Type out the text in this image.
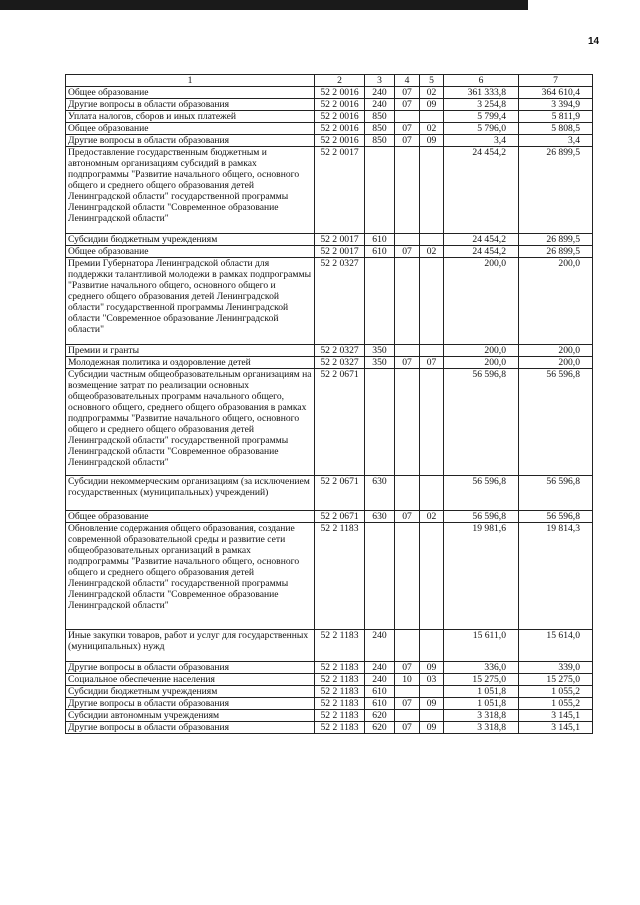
14
1	2	3	4	5	6	7
Общее образование	52 2 0016	240	07	02	361 333,8	364 610,4
Другие вопросы в области образования	52 2 0016	240	07	09	3 254,8	3 394,9
Уплата налогов, сборов и иных платежей	52 2 0016	850			5 799,4	5 811,9
Общее образование	52 2 0016	850	07	02	5 796,0	5 808,5
Другие вопросы в области образования	52 2 0016	850	07	09	3,4	3,4
Предоставление государственным бюджетным и автономным организациям субсидий в рамках подпрограммы "Развитие начального общего, основного общего и среднего общего образования детей Ленинградской области" государственной программы Ленинградской области "Современное образование Ленинградской области"	52 2 0017				24 454,2	26 899,5
Субсидии бюджетным учреждениям	52 2 0017	610			24 454,2	26 899,5
Общее образование	52 2 0017	610	07	02	24 454,2	26 899,5
Премии Губернатора Ленинградской области для поддержки талантливой молодежи в рамках подпрограммы "Развитие начального общего, основного общего и среднего общего образования детей Ленинградской области" государственной программы Ленинградской области "Современное образование Ленинградской области"	52 2 0327				200,0	200,0
Премии и гранты	52 2 0327	350			200,0	200,0
Молодежная политика и оздоровление детей	52 2 0327	350	07	07	200,0	200,0
Субсидии частным общеобразовательным организациям на возмещение затрат по реализации основных общеобразовательных программ начального общего, основного общего, среднего общего образования в рамках подпрограммы "Развитие начального общего, основного общего и среднего общего образования детей Ленинградской области" государственной программы Ленинградской области "Современное образование Ленинградской области"	52 2 0671				56 596,8	56 596,8
Субсидии некоммерческим организациям (за исключением государственных (муниципальных) учреждений)	52 2 0671	630			56 596,8	56 596,8
Общее образование	52 2 0671	630	07	02	56 596,8	56 596,8
Обновление содержания общего образования, создание современной образовательной среды и развитие сети общеобразовательных организаций в рамках подпрограммы "Развитие начального общего, основного общего и среднего общего образования детей Ленинградской области" государственной программы Ленинградской области "Современное образование Ленинградской области"	52 2 1183				19 981,6	19 814,3
Иные закупки товаров, работ и услуг для государственных (муниципальных) нужд	52 2 1183	240			15 611,0	15 614,0
Другие вопросы в области образования	52 2 1183	240	07	09	336,0	339,0
Социальное обеспечение населения	52 2 1183	240	10	03	15 275,0	15 275,0
Субсидии бюджетным учреждениям	52 2 1183	610			1 051,8	1 055,2
Другие вопросы в области образования	52 2 1183	610	07	09	1 051,8	1 055,2
Субсидии автономным учреждениям	52 2 1183	620			3 318,8	3 145,1
Другие вопросы в области образования	52 2 1183	620	07	09	3 318,8	3 145,1
